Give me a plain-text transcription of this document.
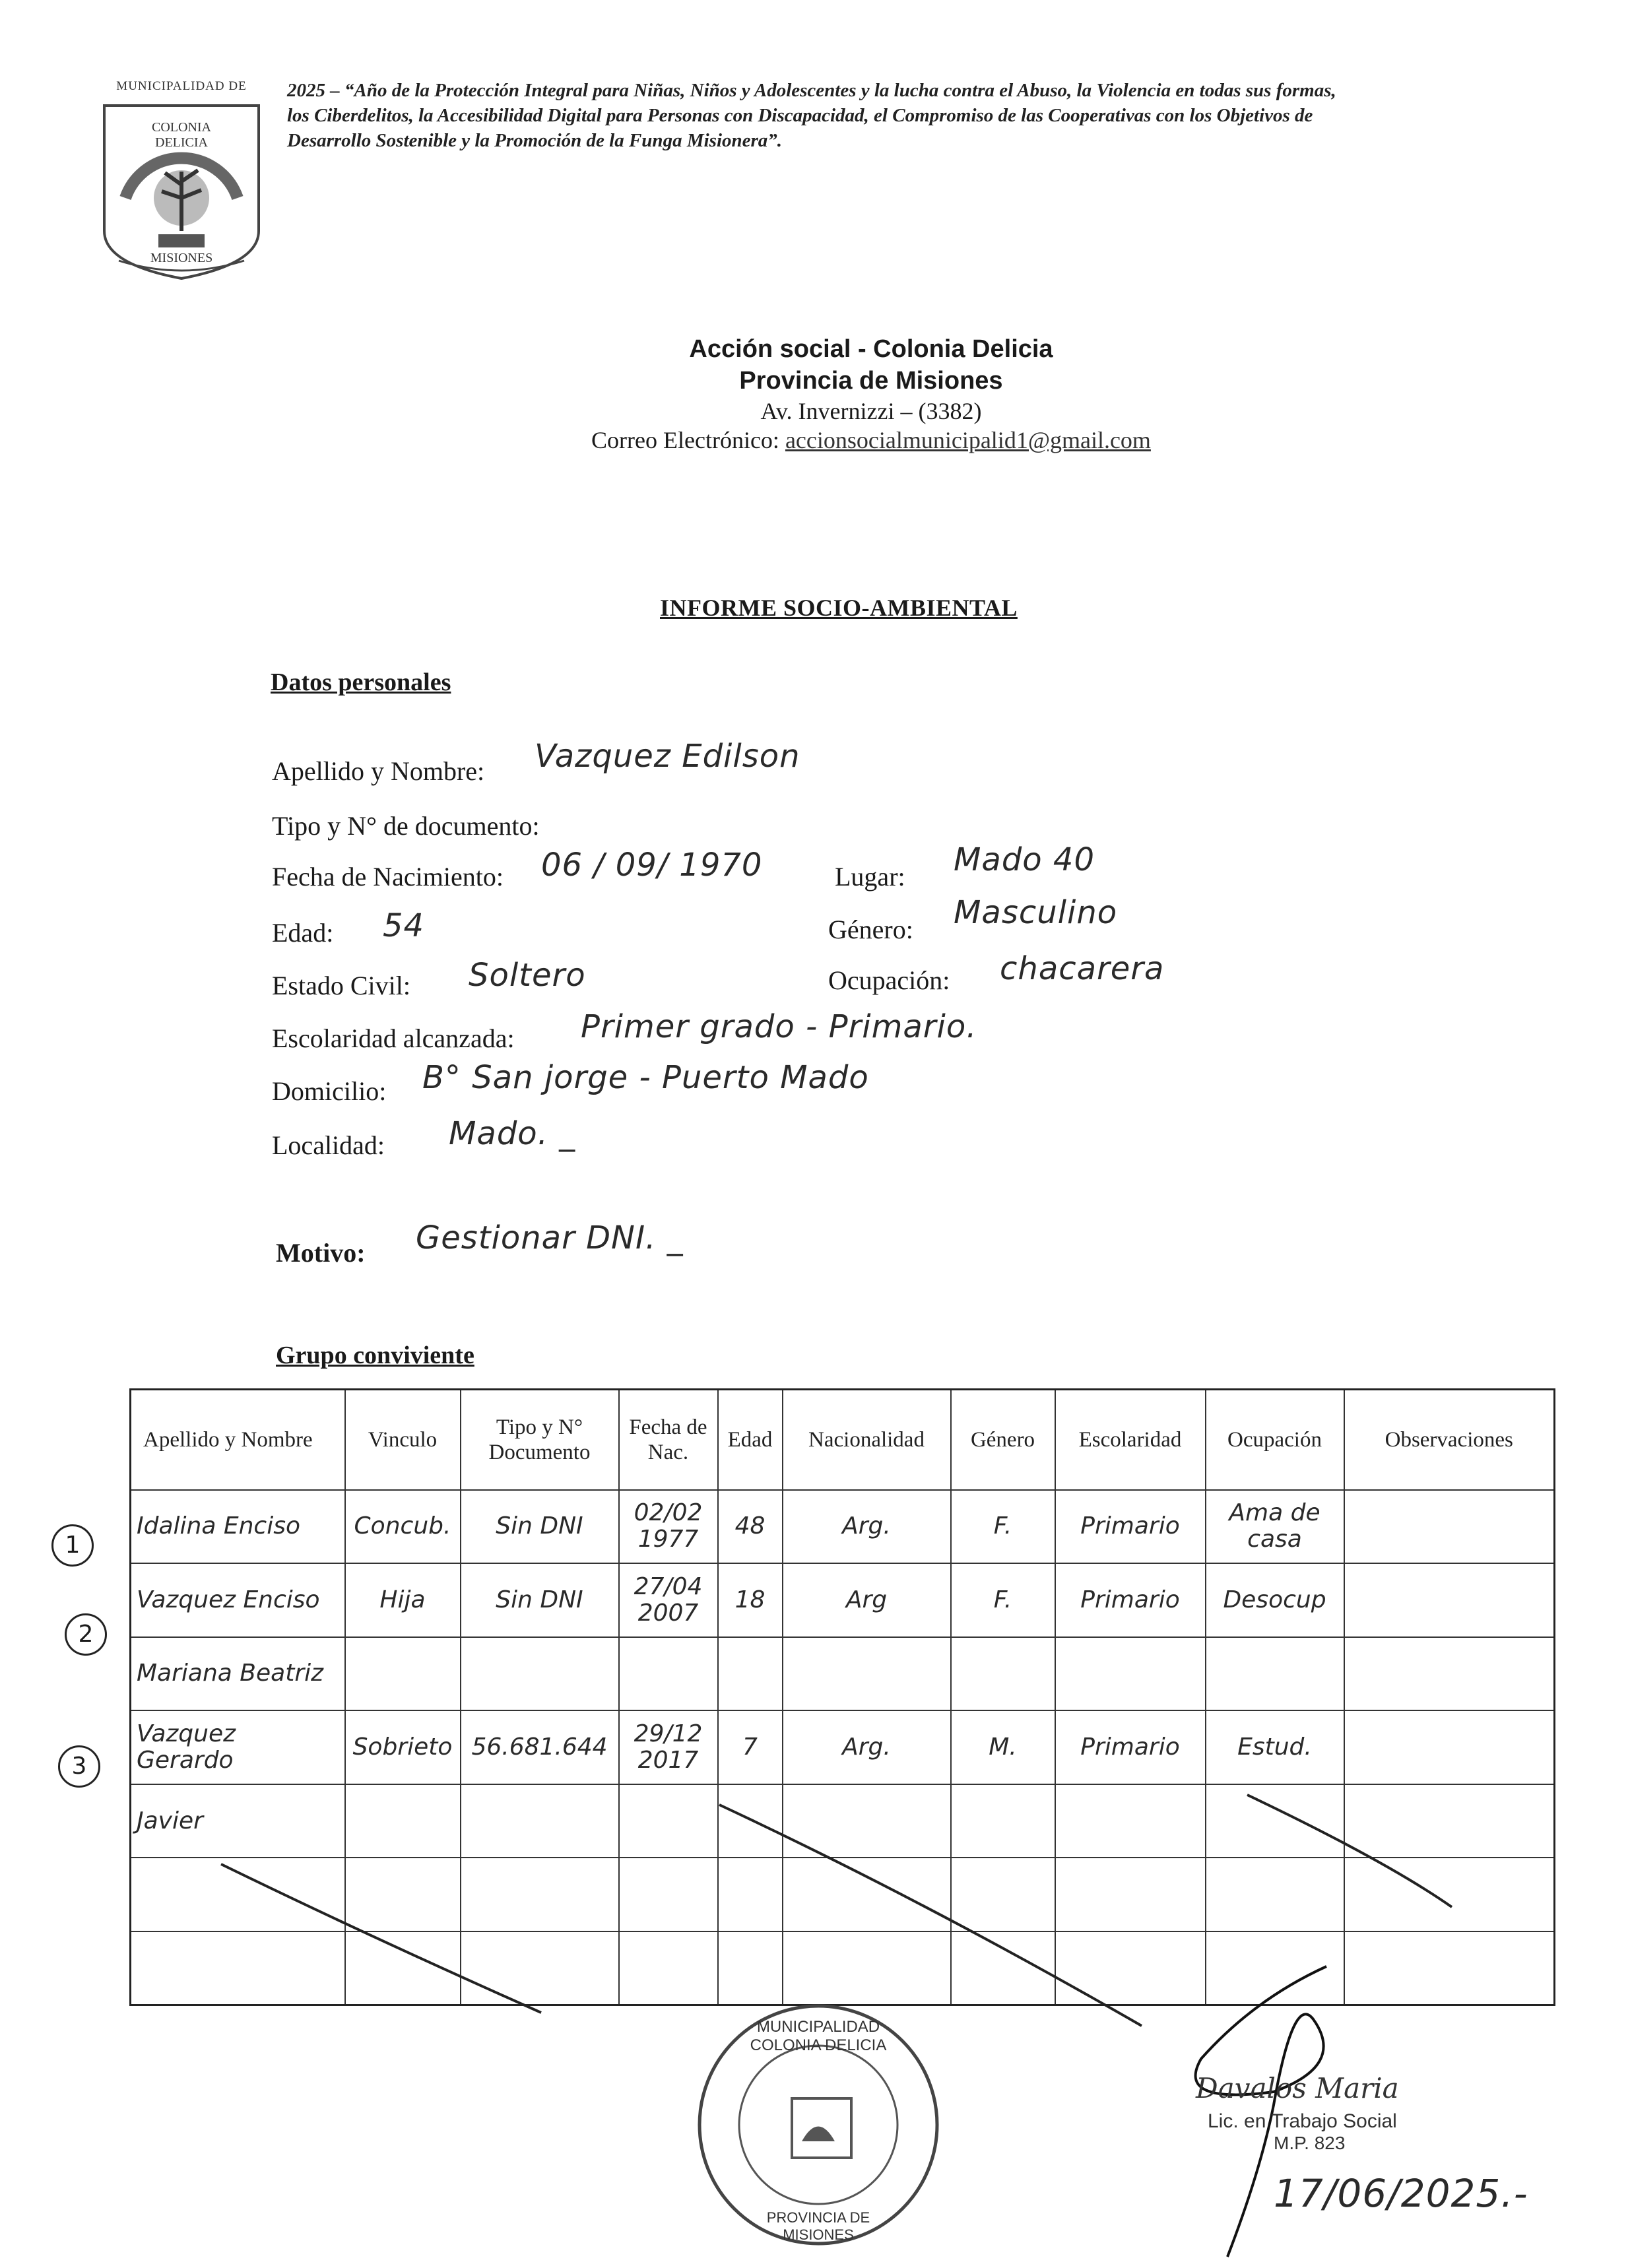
MUNICIPALIDAD DE
COLONIA DELICIA
MISIONES
2025 – “Año de la Protección Integral para Niñas, Niños y Adolescentes y la lucha contra el Abuso, la Violencia en todas sus formas, los Ciberdelitos, la Accesibilidad Digital para Personas con Discapacidad, el Compromiso de las Cooperativas con los Objetivos de Desarrollo Sostenible y la Promoción de la Funga Misionera”.
Acción social - Colonia Delicia
Provincia de Misiones
Av. Invernizzi – (3382)
Correo Electrónico: accionsocialmunicipalid1@gmail.com
INFORME SOCIO-AMBIENTAL
Datos personales
Apellido y Nombre: Vazquez Edilson
Tipo y N° de documento:
Fecha de Nacimiento: 06 / 09/ 1970	Lugar: Mado 40
Edad: 54	Género: Masculino
Estado Civil: Soltero	Ocupación: chacarera
Escolaridad alcanzada: Primer grado - Primario.
Domicilio: B° San jorge - Puerto Mado
Localidad: Mado. _
Motivo: Gestionar DNI. _
Grupo conviviente
Apellido y Nombre	Vinculo	Tipo y N° Documento	Fecha de Nac.	Edad	Nacionalidad	Género	Escolaridad	Ocupación	Observaciones
Idalina Enciso	Concub.	Sin DNI	02/02 1977	48	Arg.	F.	Primario	Ama de casa	
Vazquez Enciso	Hija	Sin DNI	27/04 2007	18	Arg	F.	Primario	Desocup	
Mariana Beatriz									
Vazquez Gerardo	Sobrieto	56.681.644	29/12 2017	7	Arg.	M.	Primario	Estud.	
Javier									

1
2
3
MUNICIPALIDAD COLONIA DELICIA
PROVINCIA DE MISIONES
Davalos Maria
Lic. en Trabajo Social
M.P. 823
17/06/2025.-
